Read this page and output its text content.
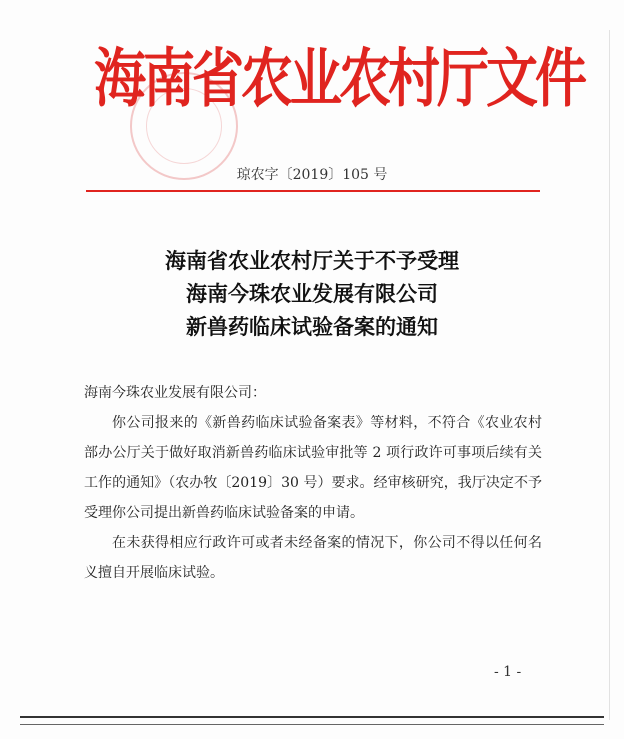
海南省农业农村厅文件
琼农字〔2019〕105 号
海南省农业农村厅关于不予受理
海南今珠农业发展有限公司
新兽药临床试验备案的通知

海南今珠农业发展有限公司：

你公司报来的《新兽药临床试验备案表》等材料，不符合《农业农村部办公厅关于做好取消新兽药临床试验审批等 2 项行政许可事项后续有关工作的通知》（农办牧〔2019〕30 号）要求。经审核研究，我厅决定不予受理你公司提出新兽药临床试验备案的申请。

在未获得相应行政许可或者未经备案的情况下，你公司不得以任何名义擅自开展临床试验。

- 1 -
